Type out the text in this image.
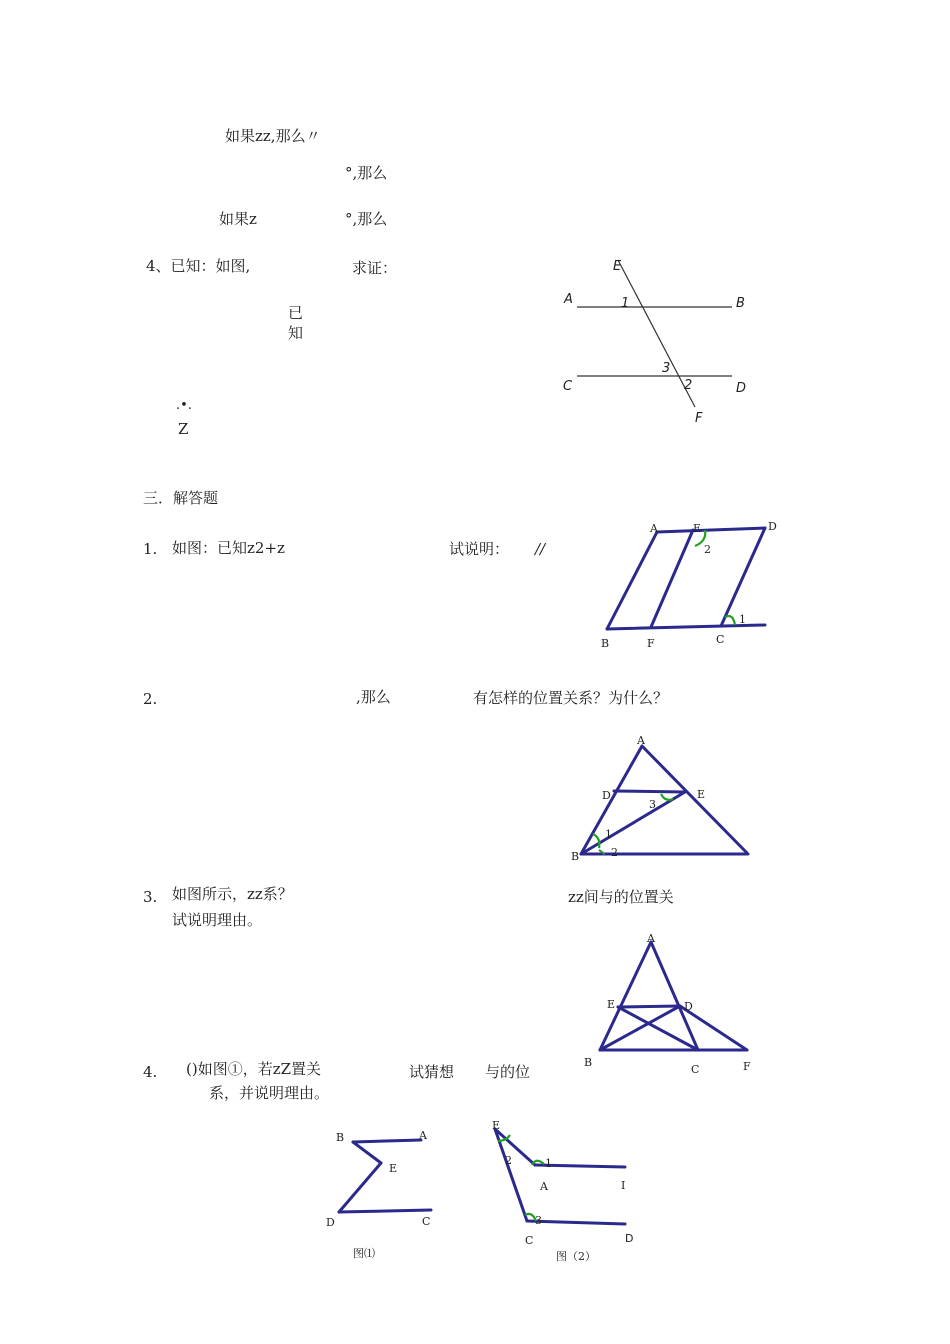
如果zz,那么〃
°,那么
如果z	°,那么
4、已知：如图,	求证：
已
知
.•.
Z
E
A	1	B
3
C	2	D
F
三．解答题
1. 如图：已知z2+z	试说明： //
A	E	D
2
1
B	F	C
2.	,那么	有怎样的位置关系？为什么？
A
D	E
3
1
2
B
3. 如图所示，zz系？
试说明理由。
zz间与的位置关
A
E	D
B
C	F
4. ()如图①，若zZ置关	试猜想 与的位
系，并说明理由。
B	A
E
D	C
图⑴
E
2	1
A	I
3
C	D
图（2）
